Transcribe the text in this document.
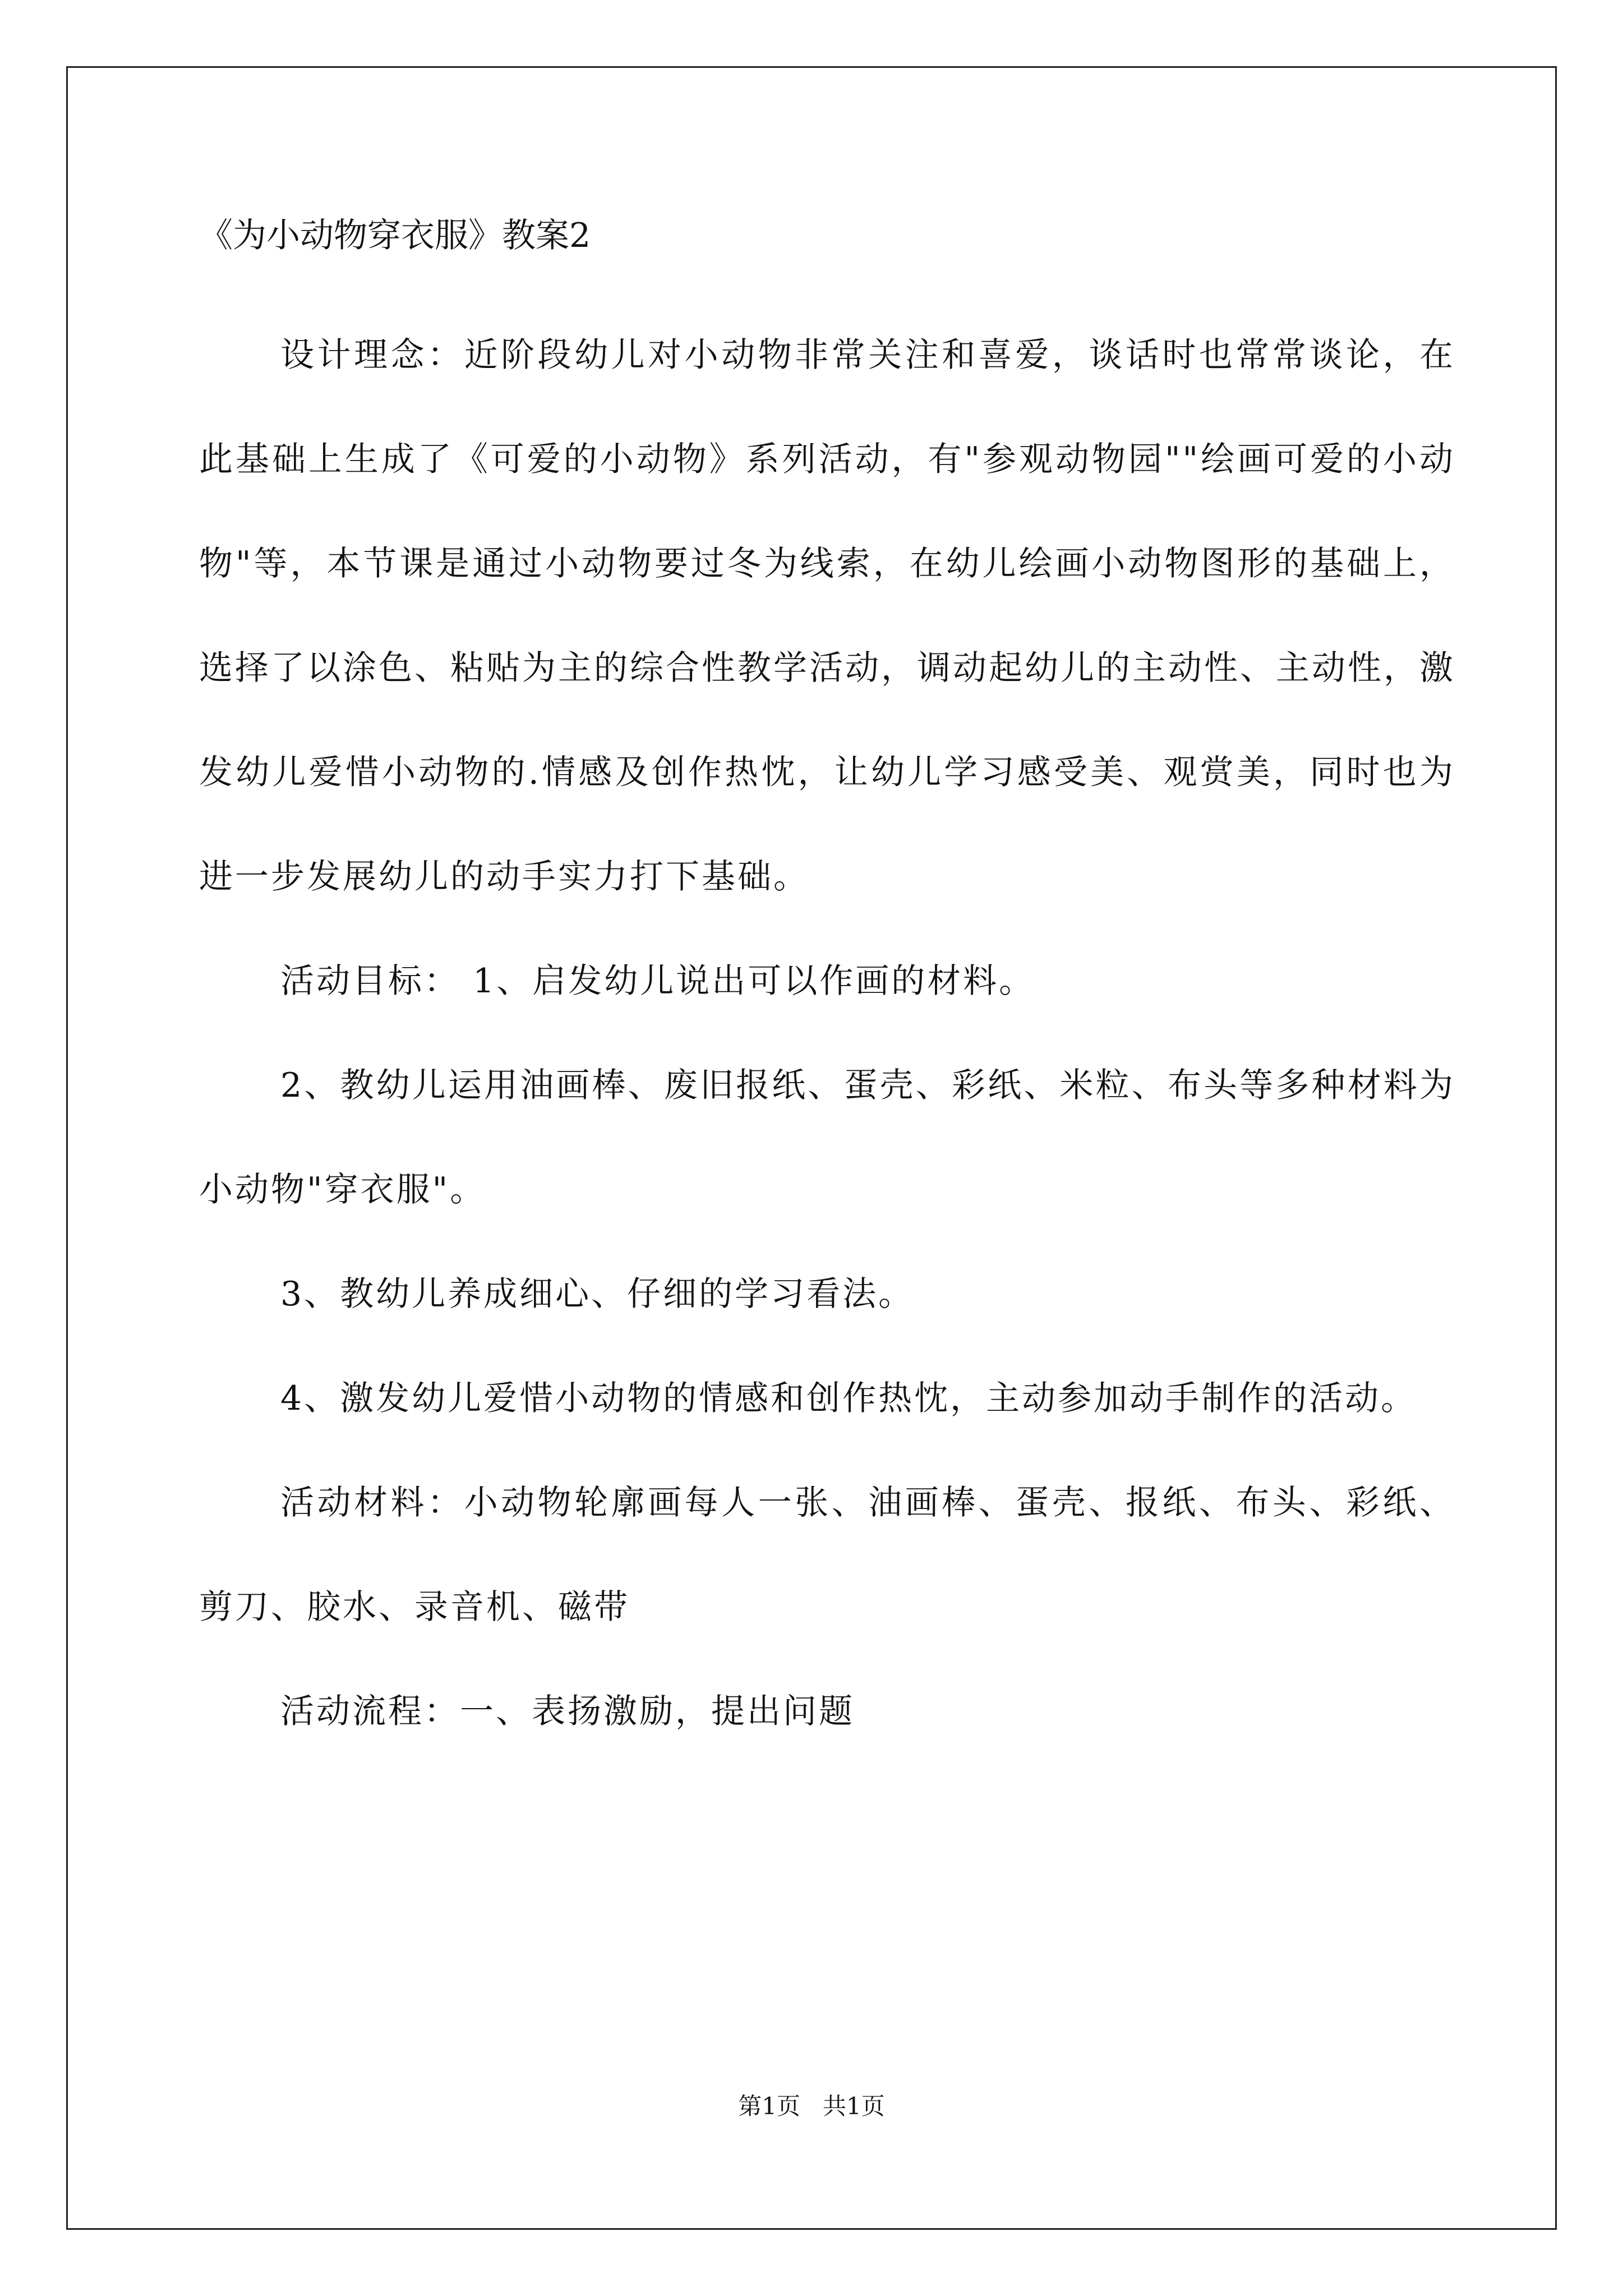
《为小动物穿衣服》教案2

设计理念：近阶段幼儿对小动物非常关注和喜爱，谈话时也常常谈论，在此基础上生成了《可爱的小动物》系列活动，有"参观动物园""绘画可爱的小动物"等，本节课是通过小动物要过冬为线索，在幼儿绘画小动物图形的基础上，选择了以涂色、粘贴为主的综合性教学活动，调动起幼儿的主动性、主动性，激发幼儿爱惜小动物的.情感及创作热忱，让幼儿学习感受美、观赏美，同时也为进一步发展幼儿的动手实力打下基础。

活动目标： 1、启发幼儿说出可以作画的材料。

2、教幼儿运用油画棒、废旧报纸、蛋壳、彩纸、米粒、布头等多种材料为小动物"穿衣服"。

3、教幼儿养成细心、仔细的学习看法。

4、激发幼儿爱惜小动物的情感和创作热忱，主动参加动手制作的活动。

活动材料：小动物轮廓画每人一张、油画棒、蛋壳、报纸、布头、彩纸、剪刀、胶水、录音机、磁带

活动流程：一、表扬激励，提出问题

第1页 共1页
